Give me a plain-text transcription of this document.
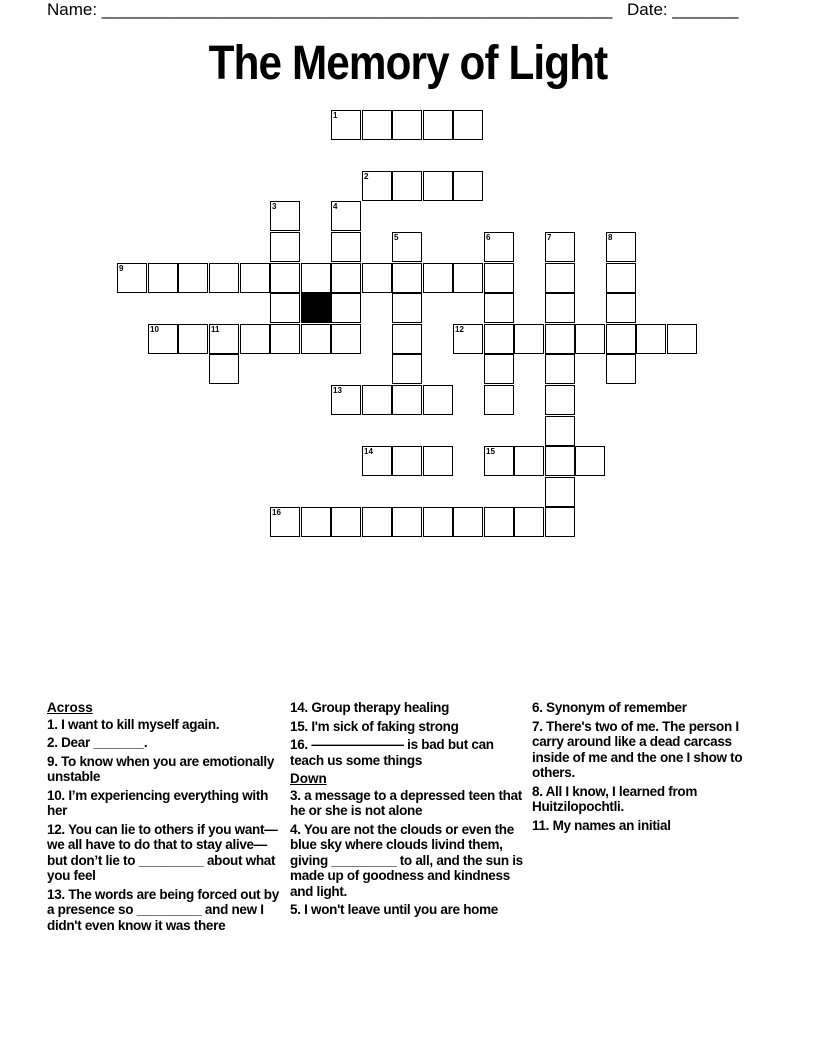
Name: ______________________________________________________ Date: _______
The Memory of Light
1
2
3	4
5	6	7	8
9
10	11	12
13
14	15
16
Across
1. I want to kill myself again.
2. Dear _______.
9. To know when you are emotionally unstable
10. I’m experiencing everything with her
12. You can lie to others if you want—we all have to do that to stay alive—but don’t lie to _________ about what you feel
13. The words are being forced out by a presence so _________ and new I didn't even know it was there
14. Group therapy healing
15. I'm sick of faking strong
16. ——————— is bad but can teach us some things
Down
3. a message to a depressed teen that he or she is not alone
4. You are not the clouds or even the blue sky where clouds livind them, giving _________ to all, and the sun is made up of goodness and kindness and light.
5. I won't leave until you are home
6. Synonym of remember
7. There's two of me. The person I carry around like a dead carcass inside of me and the one I show to others.
8. All I know, I learned from Huitzilopochtli.
11. My names an initial
